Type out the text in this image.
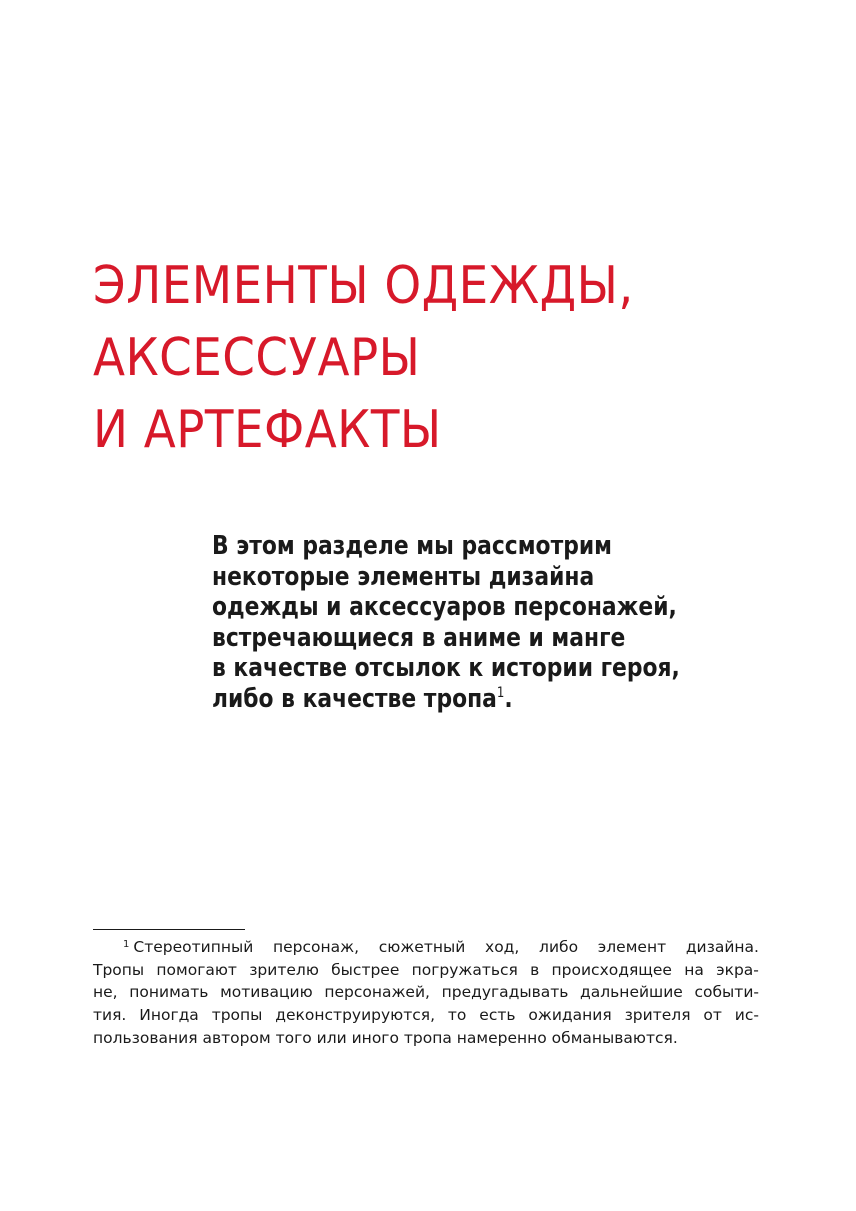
ЭЛЕМЕНТЫ ОДЕЖДЫ,
АКСЕССУАРЫ
И АРТЕФАКТЫ

В этом разделе мы рассмотрим
некоторые элементы дизайна
одежды и аксессуаров персонажей,
встречающиеся в аниме и манге
в качестве отсылок к истории героя,
либо в качестве тропа$^1$.

$^1$ Стереотипный персонаж, сюжетный ход, либо элемент дизайна.
Тропы помогают зрителю быстрее погружаться в происходящее на экра-
не, понимать мотивацию персонажей, предугадывать дальнейшие событи-
тия. Иногда тропы деконструируются, то есть ожидания зрителя от ис-
пользования автором того или иного тропа намеренно обманываются.
